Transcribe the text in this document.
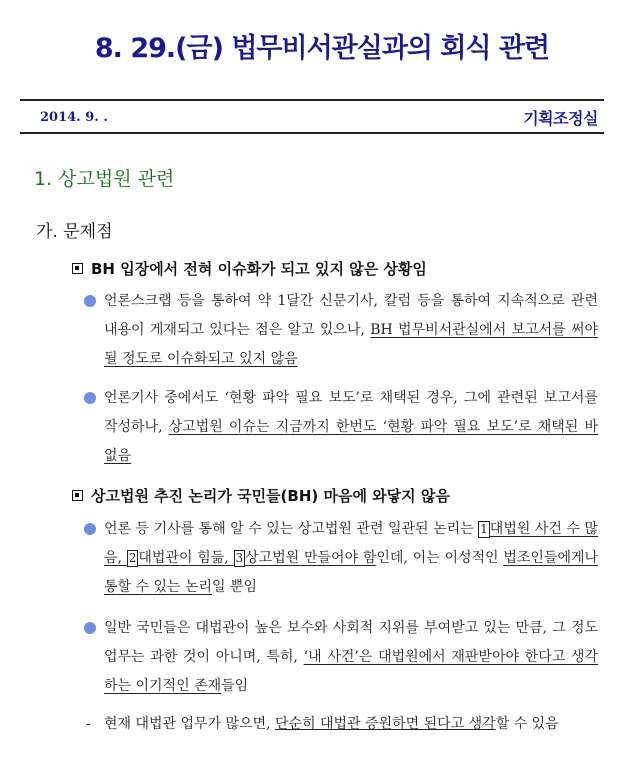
8. 29.(금) 법무비서관실과의 회식 관련
2014. 9. .	기획조정실
1. 상고법원 관련
가. 문제점
BH 입장에서 전혀 이슈화가 되고 있지 않은 상황임
언론스크랩 등을 통하여 약 1달간 신문기사, 칼럼 등을 통하여 지속적으로 관련 내용이 게재되고 있다는 점은 알고 있으나, BH 법무비서관실에서 보고서를 써야 될 정도로 이슈화되고 있지 않음
언론기사 중에서도 ‘현황 파악 필요 보도’로 채택된 경우, 그에 관련된 보고서를 작성하나, 상고법원 이슈는 지금까지 한번도 ‘현황 파악 필요 보도’로 채택된 바 없음
상고법원 추진 논리가 국민들(BH) 마음에 와닿지 않음
언론 등 기사를 통해 알 수 있는 상고법원 관련 일관된 논리는 1 대법원 사건 수 많음, 2 대법관이 힘듦, 3 상고법원 만들어야 함인데, 이는 이성적인 법조인들에게나 통할 수 있는 논리일 뿐임
일반 국민들은 대법관이 높은 보수와 사회적 지위를 부여받고 있는 만큼, 그 정도 업무는 과한 것이 아니며, 특히, ‘내 사건’은 대법원에서 재판받아야 한다고 생각하는 이기적인 존재들임
- 현재 대법관 업무가 많으면, 단순히 대법관 증원하면 된다고 생각할 수 있음
